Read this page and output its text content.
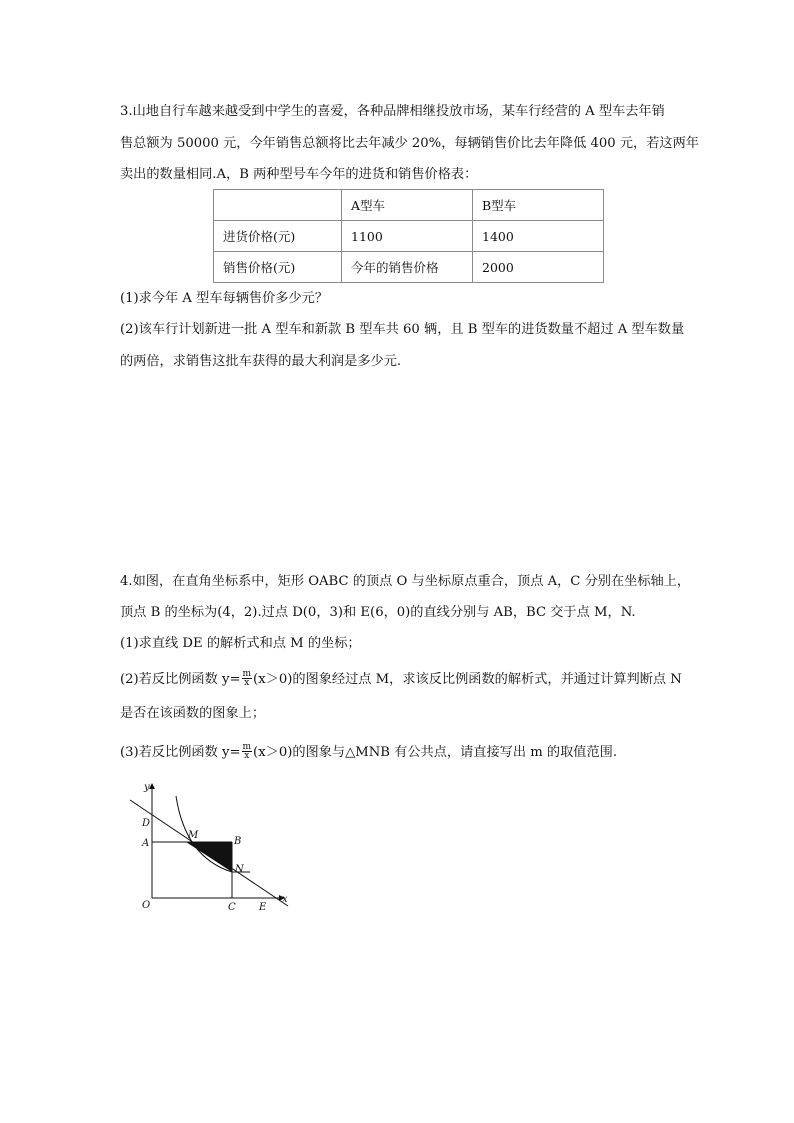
3.山地自行车越来越受到中学生的喜爱，各种品牌相继投放市场，某车行经营的 A 型车去年销
售总额为 50000 元，今年销售总额将比去年减少 20%，每辆销售价比去年降低 400 元，若这两年
卖出的数量相同.A，B 两种型号车今年的进货和销售价格表：
	A型车	B型车
进货价格(元)	1100	1400
销售价格(元)	今年的销售价格	2000
(1)求今年 A 型车每辆售价多少元？
(2)该车行计划新进一批 A 型车和新款 B 型车共 60 辆，且 B 型车的进货数量不超过 A 型车数量
的两倍，求销售这批车获得的最大利润是多少元.
4.如图，在直角坐标系中，矩形 OABC 的顶点 O 与坐标原点重合，顶点 A，C 分别在坐标轴上，
顶点 B 的坐标为(4，2).过点 D(0，3)和 E(6，0)的直线分别与 AB，BC 交于点 M，N.
(1)求直线 DE 的解析式和点 M 的坐标；
(2)若反比例函数 $y= \frac{m}{x} (x>0)$的图象经过点 M，求该反比例函数的解析式，并通过计算判断点 N
是否在该函数的图象上；
(3)若反比例函数 $y= \frac{m}{x} (x>0)$的图象与△MNB 有公共点，请直接写出 m 的取值范围.
y
x
D
A
M
B
N
O	C E
